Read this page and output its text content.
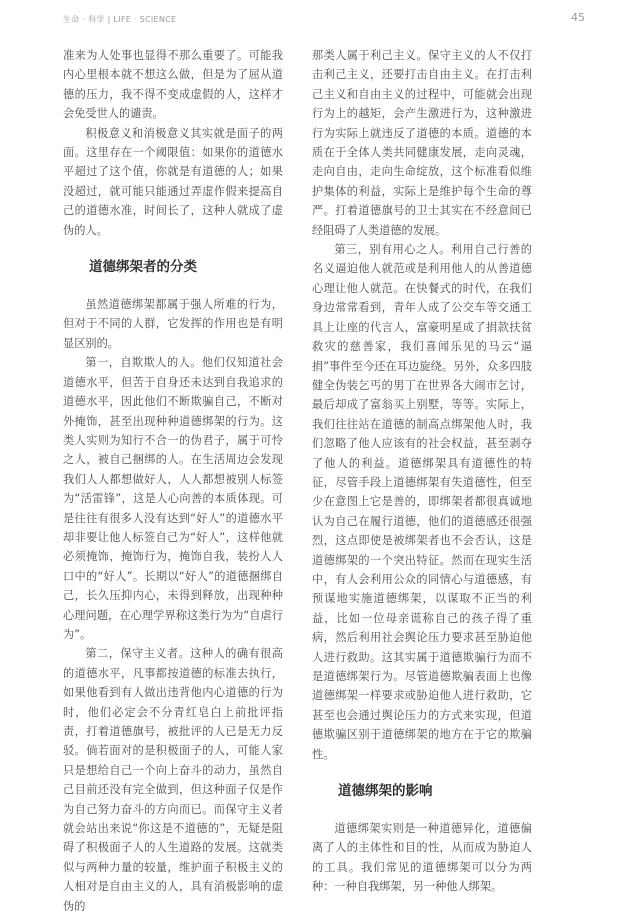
生命 · 科学 | LIFE · SCIENCE	45

准来为人处事也显得不那么重要了。可能我内心里根本就不想这么做，但是为了屈从道德的压力，我不得不变成虚假的人，这样才会免受世人的谴责。

积极意义和消极意义其实就是面子的两面。这里存在一个阈限值：如果你的道德水平超过了这个值，你就是有道德的人；如果没超过，就可能只能通过弄虚作假来提高自己的道德水准，时间长了，这种人就成了虚伪的人。

道德绑架者的分类

虽然道德绑架都属于强人所难的行为，但对于不同的人群，它发挥的作用也是有明显区别的。

第一，自欺欺人的人。他们仅知道社会道德水平，但苦于自身还未达到自我追求的道德水平，因此他们不断欺骗自己，不断对外掩饰，甚至出现种种道德绑架的行为。这类人实则为知行不合一的伪君子，属于可怜之人，被自己捆绑的人。在生活周边会发现我们人人都想做好人，人人都想被别人标签为“活雷锋”，这是人心向善的本质体现。可是往往有很多人没有达到“好人”的道德水平却非要让他人标签自己为“好人”，这样他就必须掩饰，掩饰行为，掩饰自我，装扮人人口中的“好人”。长期以“好人”的道德捆绑自己，长久压抑内心，未得到释放，出现种种心理问题，在心理学界称这类行为为“自虐行为”。

第二，保守主义者。这种人的确有很高的道德水平，凡事都按道德的标准去执行，如果他看到有人做出违背他内心道德的行为时，他们必定会不分青红皂白上前批评指责，打着道德旗号，被批评的人已是无力反驳。倘若面对的是积极面子的人，可能人家只是想给自己一个向上奋斗的动力，虽然自己目前还没有完全做到，但这种面子仅是作为自己努力奋斗的方向而已。而保守主义者就会站出来说“你这是不道德的”，无疑是阻碍了积极面子人的人生道路的发展。这就类似与两种力量的较量，维护面子积极主义的人相对是自由主义的人，具有消极影响的虚伪的

那类人属于利己主义。保守主义的人不仅打击利己主义，还要打击自由主义。在打击利己主义和自由主义的过程中，可能就会出现行为上的越矩，会产生激进行为，这种激进行为实际上就违反了道德的本质。道德的本质在于全体人类共同健康发展，走向灵魂，走向自由，走向生命绽放，这个标准看似维护集体的利益，实际上是维护每个生命的尊严。打着道德旗号的卫士其实在不经意间已经阻碍了人类道德的发展。

第三，别有用心之人。利用自己行善的名义逼迫他人就范或是利用他人的从善道德心理让他人就范。在快餐式的时代，在我们身边常常看到，青年人成了公交车等交通工具上让座的代言人，富豪明星成了捐款扶贫救灾的慈善家，我们喜闻乐见的马云“逼捐”事件至今还在耳边旋绕。另外，众多四肢健全伪装乞丐的男丁在世界各大闹市乞讨，最后却成了富翁买上别墅，等等。实际上，我们往往站在道德的制高点绑架他人时，我们忽略了他人应该有的社会权益，甚至剥夺了他人的利益。道德绑架具有道德性的特征，尽管手段上道德绑架有失道德性，但至少在意图上它是善的，即绑架者都很真诚地认为自己在履行道德，他们的道德感还很强烈，这点即使是被绑架者也不会否认，这是道德绑架的一个突出特征。然而在现实生活中，有人会利用公众的同情心与道德感，有预谋地实施道德绑架，以谋取不正当的利益，比如一位母亲谎称自己的孩子得了重病，然后利用社会舆论压力要求甚至胁迫他人进行救助。这其实属于道德欺骗行为而不是道德绑架行为。尽管道德欺骗表面上也像道德绑架一样要求或胁迫他人进行救助，它甚至也会通过舆论压力的方式来实现，但道德欺骗区别于道德绑架的地方在于它的欺骗性。

道德绑架的影响

道德绑架实则是一种道德异化，道德偏离了人的主体性和目的性，从而成为胁迫人的工具。我们常见的道德绑架可以分为两种：一种自我绑架，另一种他人绑架。
